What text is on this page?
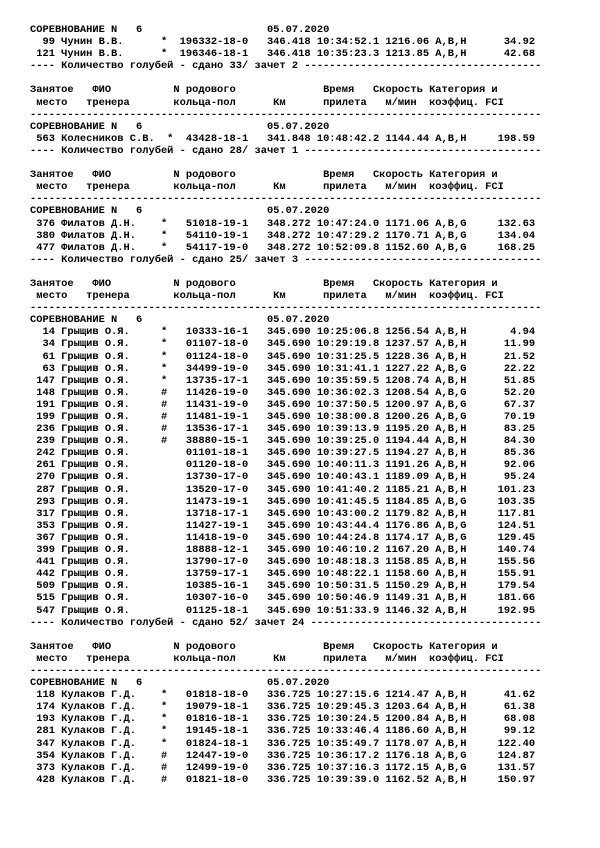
СОРЕВНОВАНИЕ N   6                    05.07.2020
99 Чунин В.В.      *  196332-18-0   346.418 10:34:52.1 1216.06 А,В,Н      34.92
121 Чунин В.В.      *  196346-18-1   346.418 10:35:23.3 1213.85 А,В,Н      42.68
---- Количество голубей - сдано 33/ зачет 2 --------------------------------------
Занятое   ФИО          N родового              Время   Скорость Категория и
место   тренера       кольца-пол      Км      прилета   м/мин  коэффиц. FCI
----------------------------------------------------------------------------------
СОРЕВНОВАНИЕ N   6                    05.07.2020
563 Колесников С.В.  *  43428-18-1   341.848 10:48:42.2 1144.44 А,В,Н     198.59
---- Количество голубей - сдано 28/ зачет 1 --------------------------------------
Занятое   ФИО          N родового              Время   Скорость Категория и
место   тренера       кольца-пол      Км      прилета   м/мин  коэффиц. FCI
----------------------------------------------------------------------------------
СОРЕВНОВАНИЕ N   6                    05.07.2020
376 Филатов Д.Н.    *   51018-19-1   348.272 10:47:24.0 1171.06 А,В,G     132.63
380 Филатов Д.Н.    *   54110-19-1   348.272 10:47:29.2 1170.71 А,В,G     134.04
477 Филатов Д.Н.    *   54117-19-0   348.272 10:52:09.8 1152.60 А,В,G     168.25
---- Количество голубей - сдано 25/ зачет 3 --------------------------------------
Занятое   ФИО          N родового              Время   Скорость Категория и
место   тренера       кольца-пол      Км      прилета   м/мин  коэффиц. FCI
----------------------------------------------------------------------------------
СОРЕВНОВАНИЕ N   6                    05.07.2020
14 Грыщив О.Я.     *   10333-16-1   345.690 10:25:06.8 1256.54 А,В,Н       4.94
34 Грыщив О.Я.     *   01107-18-0   345.690 10:29:19.8 1237.57 А,В,Н      11.99
61 Грыщив О.Я.     *   01124-18-0   345.690 10:31:25.5 1228.36 А,В,Н      21.52
63 Грыщив О.Я.     *   34499-19-0   345.690 10:31:41.1 1227.22 А,В,G      22.22
147 Грыщив О.Я.     *   13735-17-1   345.690 10:35:59.5 1208.74 А,В,Н      51.85
148 Грыщив О.Я.     #   11426-19-0   345.690 10:36:02.3 1208.54 А,В,G      52.20
191 Грыщив О.Я.     #   11431-19-0   345.690 10:37:50.5 1200.97 А,В,G      67.37
199 Грыщив О.Я.     #   11481-19-1   345.690 10:38:00.8 1200.26 А,В,G      70.19
236 Грыщив О.Я.     #   13536-17-1   345.690 10:39:13.9 1195.20 А,В,Н      83.25
239 Грыщив О.Я.     #   38880-15-1   345.690 10:39:25.0 1194.44 А,В,Н      84.30
242 Грыщив О.Я.         01101-18-1   345.690 10:39:27.5 1194.27 А,В,Н      85.36
261 Грыщив О.Я.         01120-18-0   345.690 10:40:11.3 1191.26 А,В,Н      92.06
270 Грыщив О.Я.         13730-17-0   345.690 10:40:43.1 1189.09 А,В,Н      95.24
287 Грыщив О.Я.         13520-17-0   345.690 10:41:40.2 1185.21 А,В,Н     101.23
293 Грыщив О.Я.         11473-19-1   345.690 10:41:45.5 1184.85 А,В,G     103.35
317 Грыщив О.Я.         13718-17-1   345.690 10:43:00.2 1179.82 А,В,Н     117.81
353 Грыщив О.Я.         11427-19-1   345.690 10:43:44.4 1176.86 А,В,G     124.51
367 Грыщив О.Я.         11418-19-0   345.690 10:44:24.8 1174.17 А,В,G     129.45
399 Грыщив О.Я.         18888-12-1   345.690 10:46:10.2 1167.20 А,В,Н     140.74
441 Грыщив О.Я.         13790-17-0   345.690 10:48:18.3 1158.85 А,В,Н     155.56
442 Грыщив О.Я.         13759-17-1   345.690 10:48:22.1 1158.60 А,В,Н     155.91
509 Грыщив О.Я.         10385-16-1   345.690 10:50:31.5 1150.29 А,В,Н     179.54
515 Грыщив О.Я.         10307-16-0   345.690 10:50:46.9 1149.31 А,В,Н     181.66
547 Грыщив О.Я.         01125-18-1   345.690 10:51:33.9 1146.32 А,В,Н     192.95
---- Количество голубей - сдано 52/ зачет 24 -------------------------------------
Занятое   ФИО          N родового              Время   Скорость Категория и
место   тренера       кольца-пол      Км      прилета   м/мин  коэффиц. FCI
----------------------------------------------------------------------------------
СОРЕВНОВАНИЕ N   6                    05.07.2020
118 Кулаков Г.Д.    *   01818-18-0   336.725 10:27:15.6 1214.47 А,В,Н      41.62
174 Кулаков Г.Д.    *   19079-18-1   336.725 10:29:45.3 1203.64 А,В,Н      61.38
193 Кулаков Г.Д.    *   01816-18-1   336.725 10:30:24.5 1200.84 А,В,Н      68.08
281 Кулаков Г.Д.    *   19145-18-1   336.725 10:33:46.4 1186.60 А,В,Н      99.12
347 Кулаков Г.Д.    *   01824-18-1   336.725 10:35:49.7 1178.07 А,В,Н     122.40
354 Кулаков Г.Д.    #   12447-19-0   336.725 10:36:17.2 1176.18 А,В,G     124.87
373 Кулаков Г.Д.    #   12499-19-0   336.725 10:37:16.3 1172.15 А,В,G     131.57
428 Кулаков Г.Д.    #   01821-18-0   336.725 10:39:39.0 1162.52 А,В,Н     150.97
